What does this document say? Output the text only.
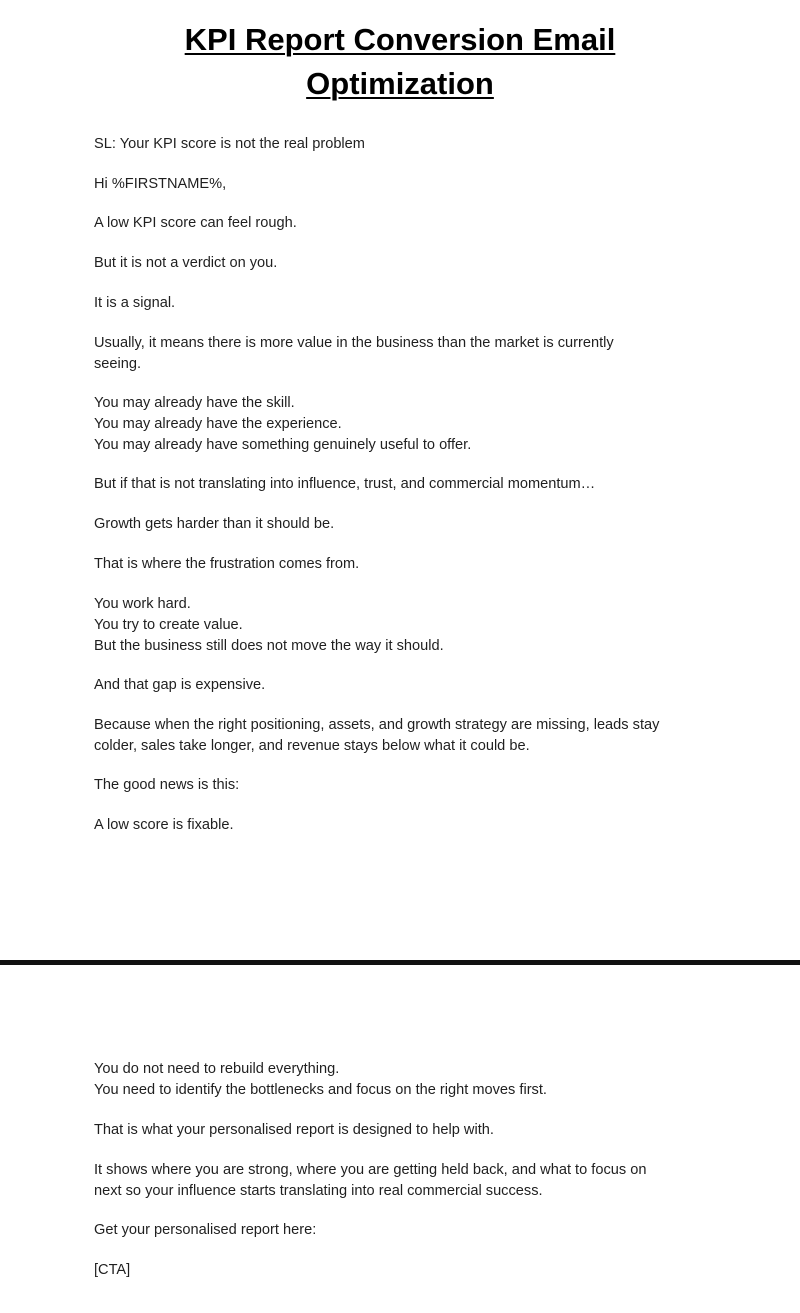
KPI Report Conversion Email
Optimization

SL: Your KPI score is not the real problem

Hi %FIRSTNAME%,

A low KPI score can feel rough.

But it is not a verdict on you.

It is a signal.

Usually, it means there is more value in the business than the market is currently
seeing.

You may already have the skill.
You may already have the experience.
You may already have something genuinely useful to offer.

But if that is not translating into influence, trust, and commercial momentum…

Growth gets harder than it should be.

That is where the frustration comes from.

You work hard.
You try to create value.
But the business still does not move the way it should.

And that gap is expensive.

Because when the right positioning, assets, and growth strategy are missing, leads stay
colder, sales take longer, and revenue stays below what it could be.

The good news is this:

A low score is fixable.

You do not need to rebuild everything.
You need to identify the bottlenecks and focus on the right moves first.

That is what your personalised report is designed to help with.

It shows where you are strong, where you are getting held back, and what to focus on
next so your influence starts translating into real commercial success.

Get your personalised report here:

[CTA]
